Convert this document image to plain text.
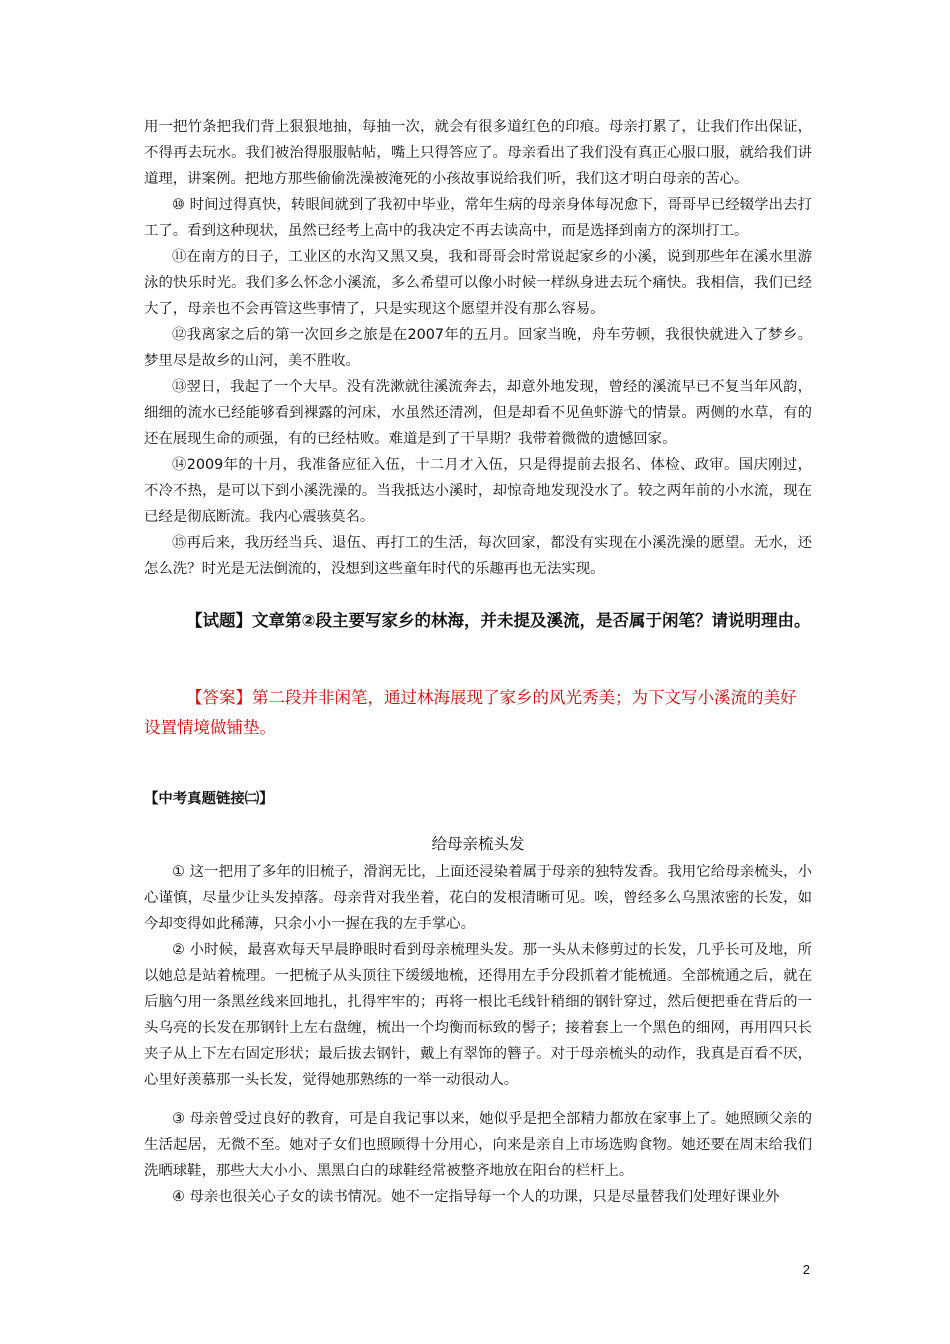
用一把竹条把我们背上狠狠地抽，每抽一次，就会有很多道红色的印痕。母亲打累了，让我们作出保证，不得再去玩水。我们被治得服服帖帖，嘴上只得答应了。母亲看出了我们没有真正心服口服，就给我们讲道理，讲案例。把地方那些偷偷洗澡被淹死的小孩故事说给我们听，我们这才明白母亲的苦心。

⑩ 时间过得真快，转眼间就到了我初中毕业，常年生病的母亲身体每况愈下，哥哥早已经辍学出去打工了。看到这种现状，虽然已经考上高中的我决定不再去读高中，而是选择到南方的深圳打工。

⑪在南方的日子，工业区的水沟又黑又臭，我和哥哥会时常说起家乡的小溪，说到那些年在溪水里游泳的快乐时光。我们多么怀念小溪流，多么希望可以像小时候一样纵身进去玩个痛快。我相信，我们已经大了，母亲也不会再管这些事情了，只是实现这个愿望并没有那么容易。

⑫我离家之后的第一次回乡之旅是在2007年的五月。回家当晚，舟车劳顿，我很快就进入了梦乡。梦里尽是故乡的山河，美不胜收。

⑬翌日，我起了一个大早。没有洗漱就往溪流奔去，却意外地发现，曾经的溪流早已不复当年风韵，细细的流水已经能够看到裸露的河床，水虽然还清冽，但是却看不见鱼虾游弋的情景。两侧的水草，有的还在展现生命的顽强，有的已经枯败。难道是到了干旱期？我带着微微的遗憾回家。

⑭2009年的十月，我准备应征入伍，十二月才入伍，只是得提前去报名、体检、政审。国庆刚过，不冷不热，是可以下到小溪洗澡的。当我抵达小溪时，却惊奇地发现没水了。较之两年前的小水流，现在已经是彻底断流。我内心震骇莫名。

⑮再后来，我历经当兵、退伍、再打工的生活，每次回家，都没有实现在小溪洗澡的愿望。无水，还怎么洗？时光是无法倒流的，没想到这些童年时代的乐趣再也无法实现。

【试题】文章第②段主要写家乡的林海，并未提及溪流，是否属于闲笔？请说明理由。

【答案】第二段并非闲笔，通过林海展现了家乡的风光秀美；为下文写小溪流的美好设置情境做铺垫。

【中考真题链接㈡】
给母亲梳头发

① 这一把用了多年的旧梳子，滑润无比，上面还浸染着属于母亲的独特发香。我用它给母亲梳头，小心谨慎，尽量少让头发掉落。母亲背对我坐着，花白的发根清晰可见。唉，曾经多么乌黑浓密的长发，如今却变得如此稀薄，只余小小一握在我的左手掌心。

② 小时候，最喜欢每天早晨睁眼时看到母亲梳理头发。那一头从未修剪过的长发，几乎长可及地，所以她总是站着梳理。一把梳子从头顶往下缓缓地梳，还得用左手分段抓着才能梳通。全部梳通之后，就在后脑勺用一条黑丝线来回地扎，扎得牢牢的；再将一根比毛线针稍细的钢针穿过，然后便把垂在背后的一头乌亮的长发在那钢针上左右盘缠，梳出一个均衡而标致的髻子；接着套上一个黑色的细网，再用四只长夹子从上下左右固定形状；最后拔去钢针，戴上有翠饰的簪子。对于母亲梳头的动作，我真是百看不厌，心里好羡慕那一头长发，觉得她那熟练的一举一动很动人。

③ 母亲曾受过良好的教育，可是自我记事以来，她似乎是把全部精力都放在家事上了。她照顾父亲的生活起居，无微不至。她对子女们也照顾得十分用心，向来是亲自上市场选购食物。她还要在周末给我们洗晒球鞋，那些大大小小、黑黑白白的球鞋经常被整齐地放在阳台的栏杆上。

④ 母亲也很关心子女的读书情况。她不一定指导每一个人的功课，只是尽量替我们处理好课业外

2
